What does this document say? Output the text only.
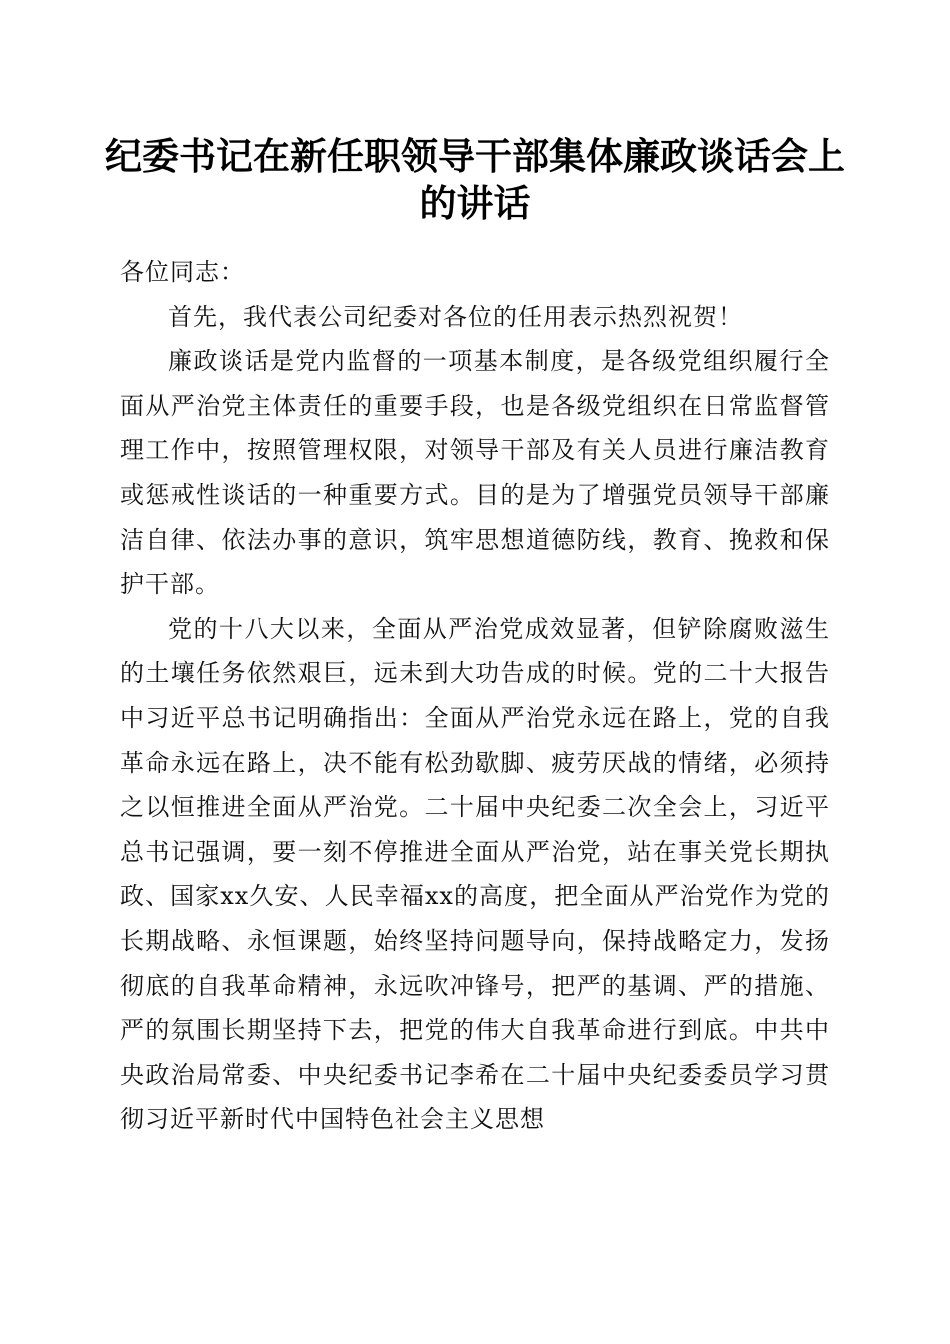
纪委书记在新任职领导干部集体廉政谈话会上
的讲话

各位同志：

首先，我代表公司纪委对各位的任用表示热烈祝贺！

廉政谈话是党内监督的一项基本制度，是各级党组织履行全面从严治党主体责任的重要手段，也是各级党组织在日常监督管理工作中，按照管理权限，对领导干部及有关人员进行廉洁教育或惩戒性谈话的一种重要方式。目的是为了增强党员领导干部廉洁自律、依法办事的意识，筑牢思想道德防线，教育、挽救和保护干部。

党的十八大以来，全面从严治党成效显著，但铲除腐败滋生的土壤任务依然艰巨，远未到大功告成的时候。党的二十大报告中习近平总书记明确指出：全面从严治党永远在路上，党的自我革命永远在路上，决不能有松劲歇脚、疲劳厌战的情绪，必须持之以恒推进全面从严治党。二十届中央纪委二次全会上，习近平总书记强调，要一刻不停推进全面从严治党，站在事关党长期执政、国家xx久安、人民幸福xx的高度，把全面从严治党作为党的长期战略、永恒课题，始终坚持问题导向，保持战略定力，发扬彻底的自我革命精神，永远吹冲锋号，把严的基调、严的措施、严的氛围长期坚持下去，把党的伟大自我革命进行到底。中共中央政治局常委、中央纪委书记李希在二十届中央纪委委员学习贯彻习近平新时代中国特色社会主义思想
